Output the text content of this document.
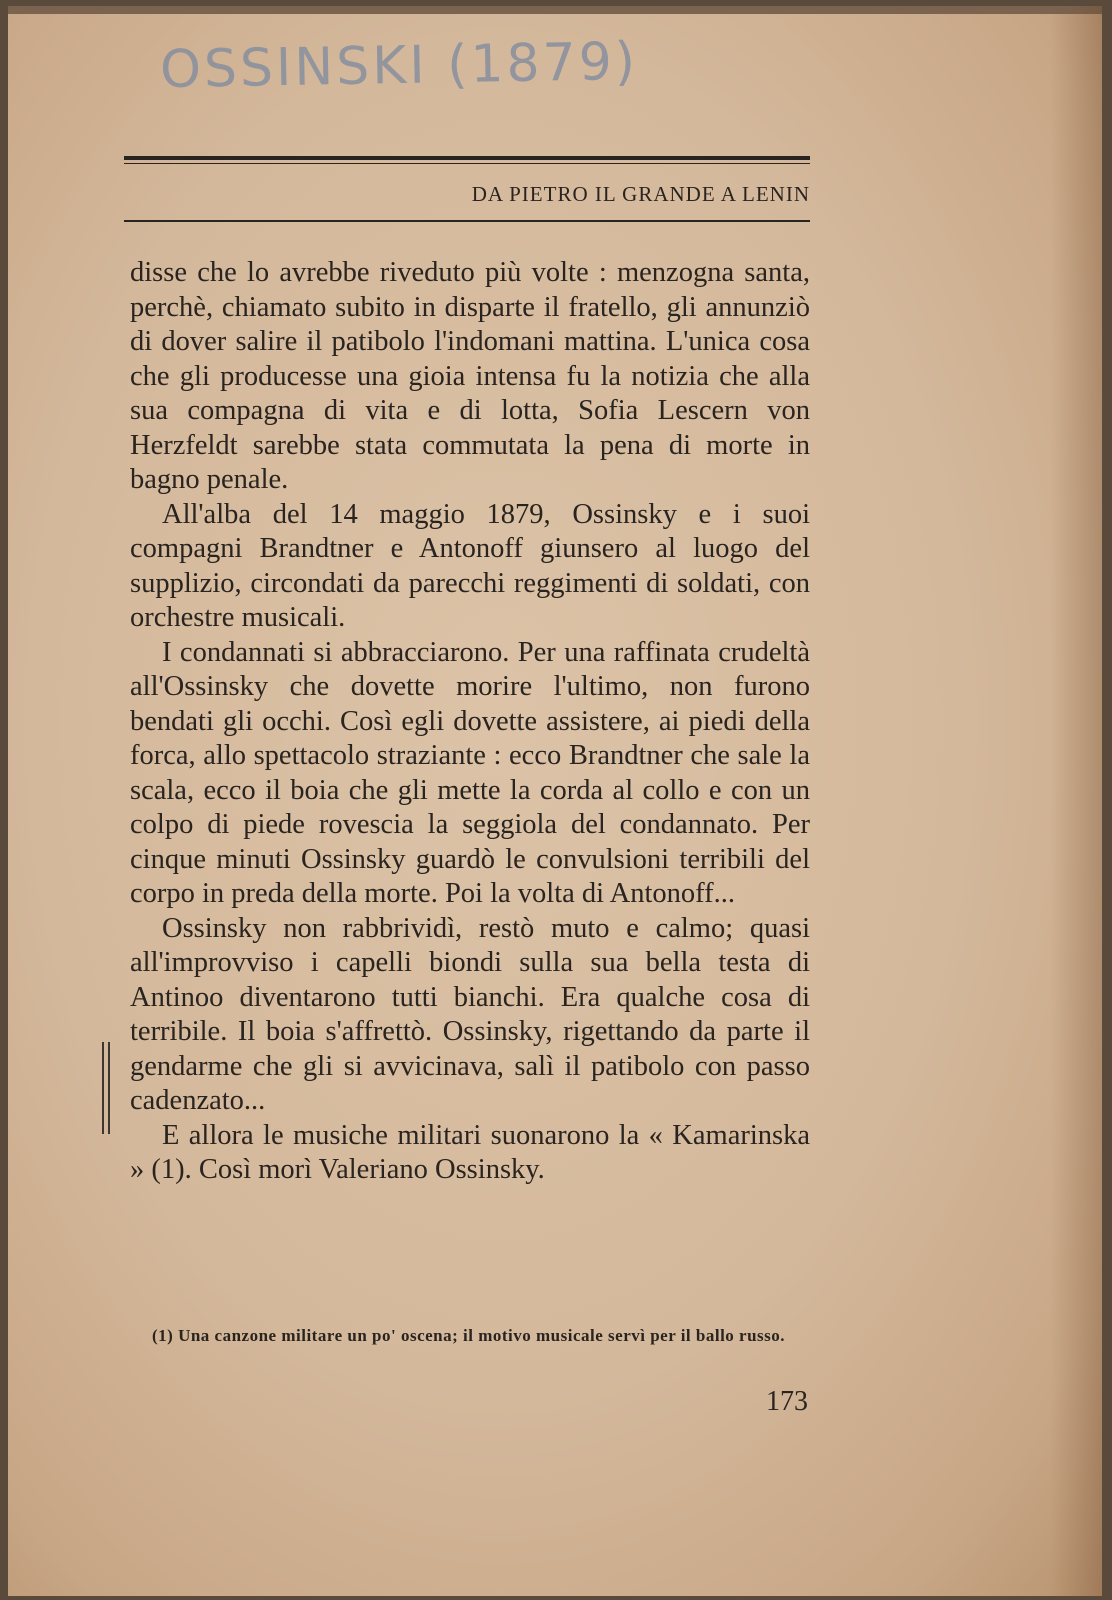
OSSINSKI (1879)
DA PIETRO IL GRANDE A LENIN

disse che lo avrebbe riveduto più volte : menzogna santa, perchè, chiamato subito in disparte il fratello, gli annunziò di dover salire il patibolo l'indomani mattina. L'unica cosa che gli producesse una gioia intensa fu la notizia che alla sua compagna di vita e di lotta, Sofia Lescern von Herzfeldt sarebbe stata commutata la pena di morte in bagno penale.

All'alba del 14 maggio 1879, Ossinsky e i suoi compagni Brandtner e Antonoff giunsero al luogo del supplizio, circondati da parecchi reggimenti di soldati, con orchestre musicali.

I condannati si abbracciarono. Per una raffinata crudeltà all'Ossinsky che dovette morire l'ultimo, non furono bendati gli occhi. Così egli dovette assistere, ai piedi della forca, allo spettacolo straziante : ecco Brandtner che sale la scala, ecco il boia che gli mette la corda al collo e con un colpo di piede rovescia la seggiola del condannato. Per cinque minuti Ossinsky guardò le convulsioni terribili del corpo in preda della morte. Poi la volta di Antonoff...

Ossinsky non rabbrividì, restò muto e calmo; quasi all'improvviso i capelli biondi sulla sua bella testa di Antinoo diventarono tutti bianchi. Era qualche cosa di terribile. Il boia s'affrettò. Ossinsky, rigettando da parte il gendarme che gli si avvicinava, salì il patibolo con passo cadenzato...

E allora le musiche militari suonarono la « Kamarinska » (1). Così morì Valeriano Ossinsky.

(1) Una canzone militare un po' oscena; il motivo musicale servì per il ballo russo.

173
